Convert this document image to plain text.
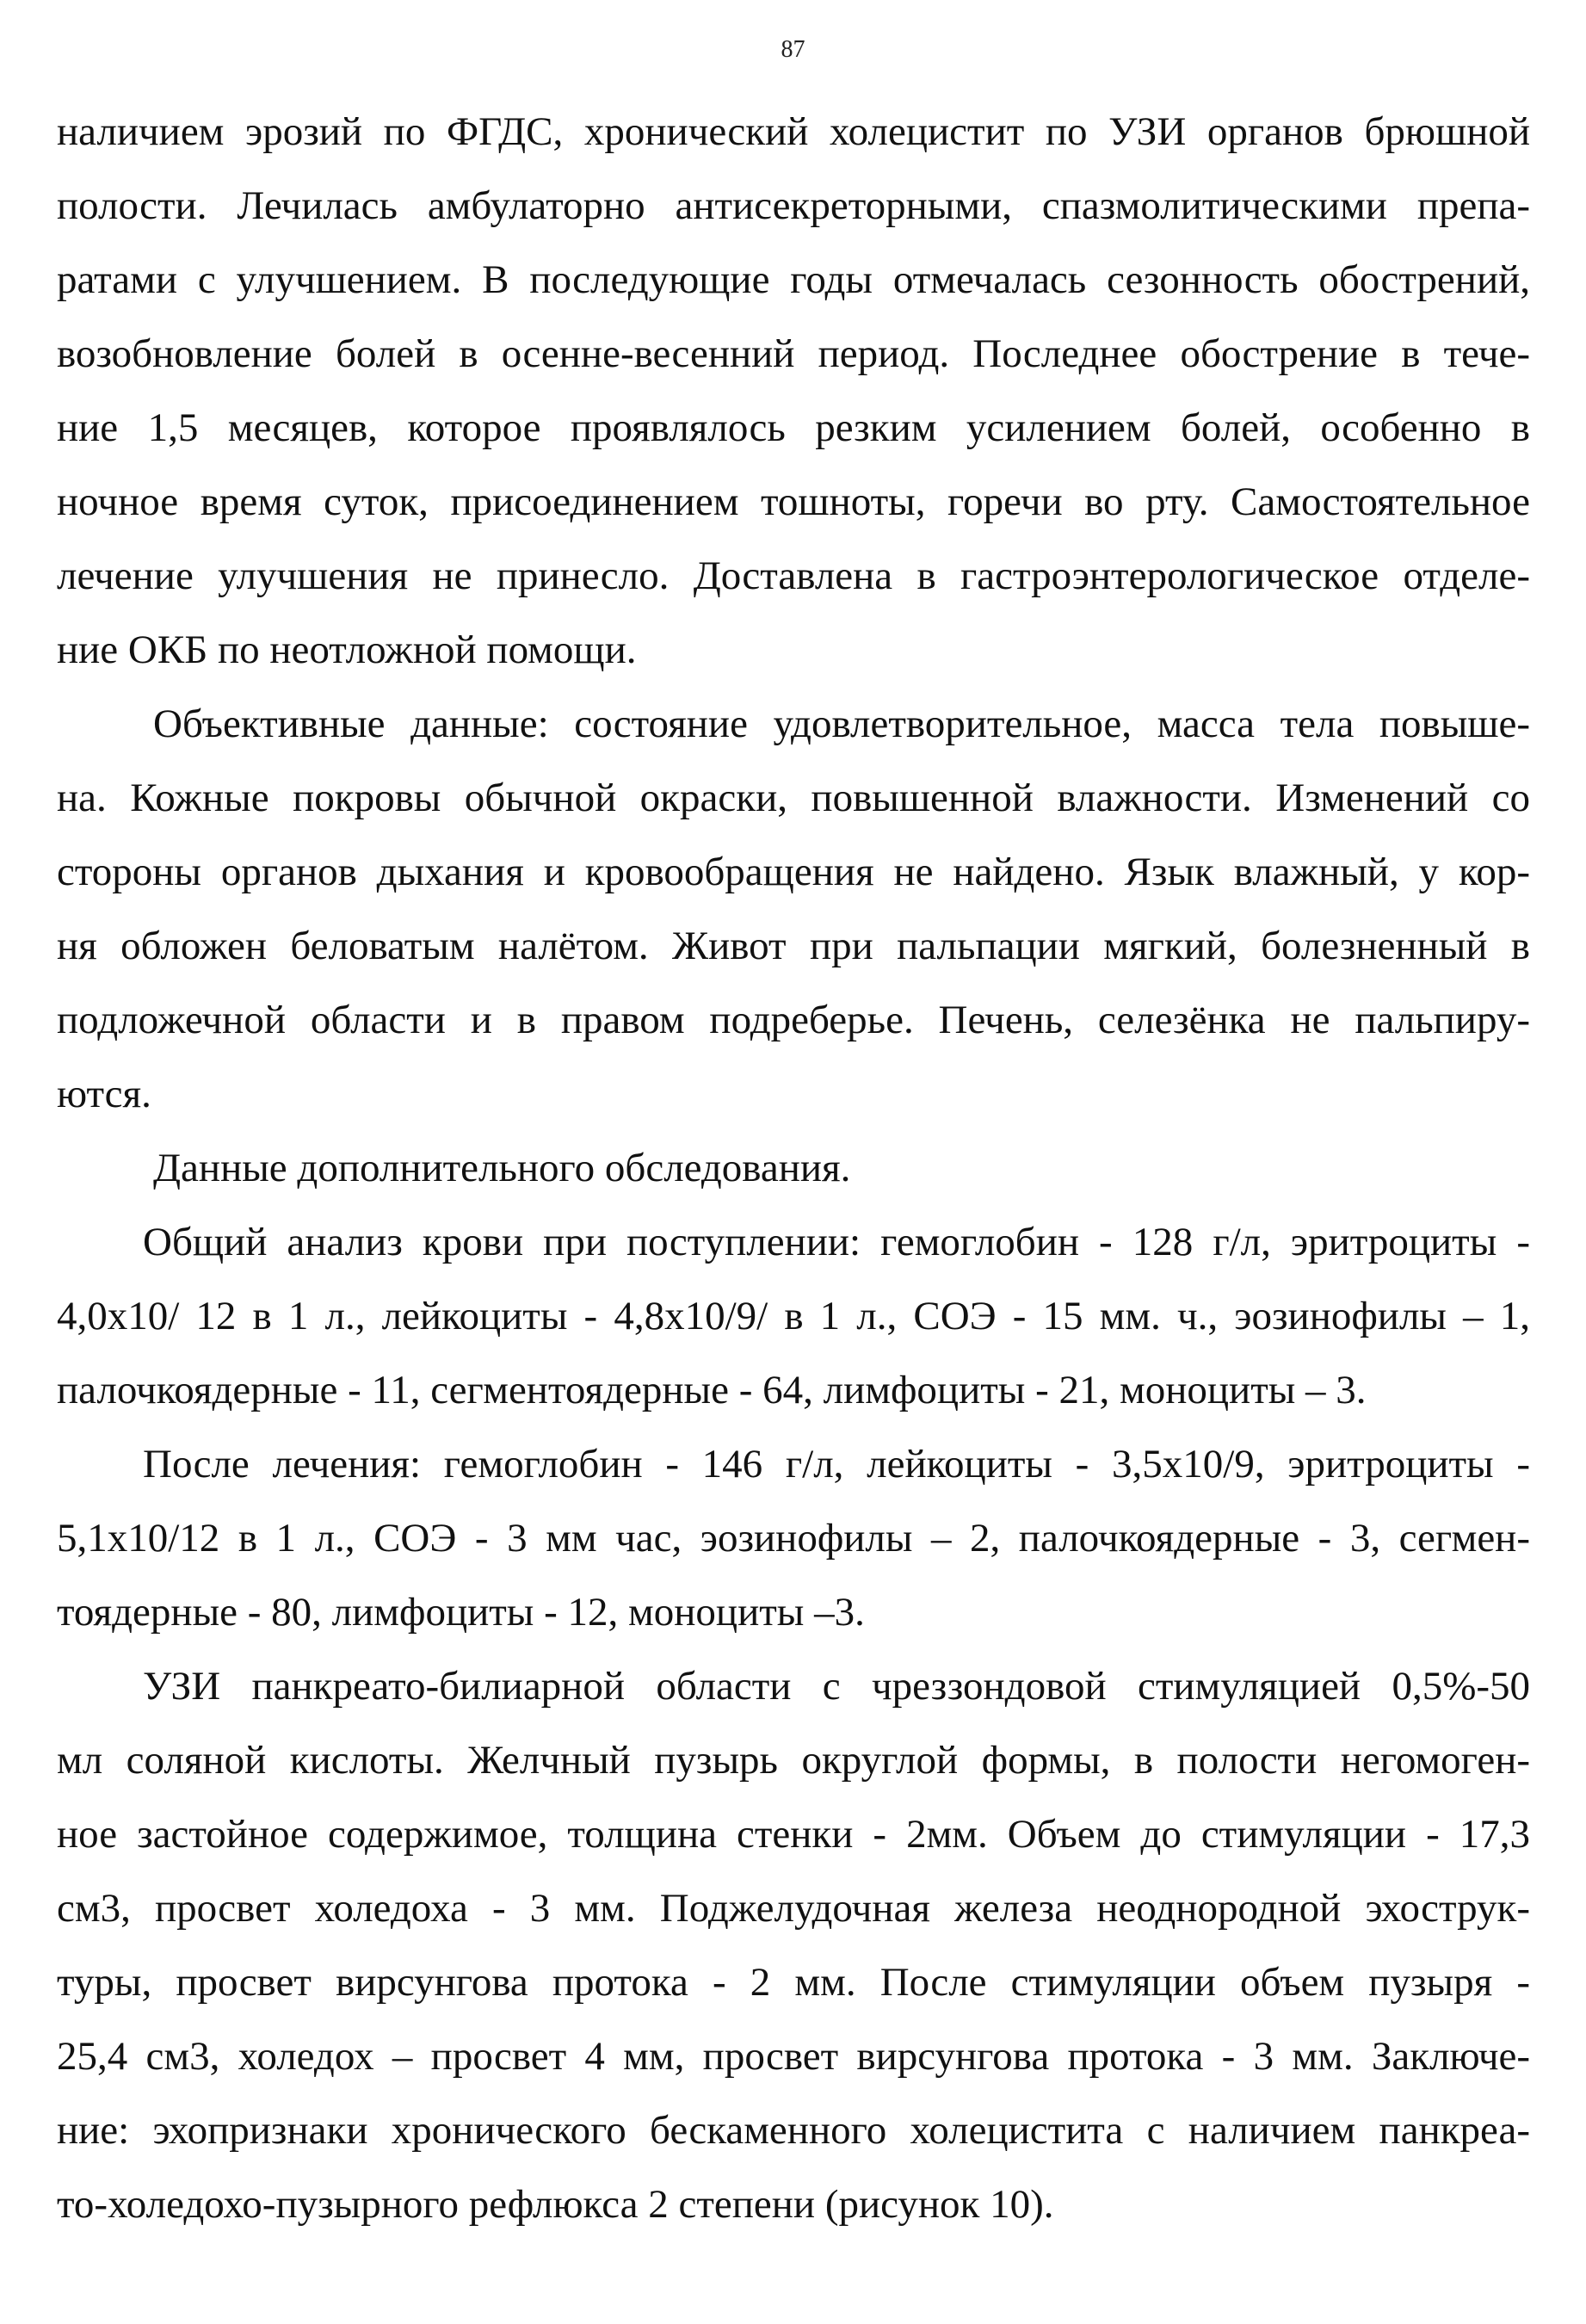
87
наличием эрозий по ФГДС, хронический холецистит по УЗИ органов брюшной
полости. Лечилась амбулаторно антисекреторными, спазмолитическими препа-
ратами с улучшением. В последующие годы отмечалась сезонность обострений,
возобновление болей в осенне-весенний период. Последнее обострение в тече-
ние 1,5 месяцев, которое проявлялось резким усилением болей, особенно в
ночное время суток, присоединением тошноты, горечи во рту. Самостоятельное
лечение улучшения не принесло. Доставлена в гастроэнтерологическое отделе-
ние ОКБ по неотложной помощи.
Объективные данные: состояние удовлетворительное, масса тела повыше-
на. Кожные покровы обычной окраски, повышенной влажности. Изменений со
стороны органов дыхания и кровообращения не найдено. Язык влажный, у кор-
ня обложен беловатым налётом. Живот при пальпации мягкий, болезненный в
подложечной области и в правом подреберье. Печень, селезёнка не пальпиру-
ются.
Данные дополнительного обследования.
Общий анализ крови при поступлении: гемоглобин - 128 г/л, эритроциты -
4,0x10/ 12 в 1 л., лейкоциты - 4,8x10/9/ в 1 л., СОЭ - 15 мм. ч., эозинофилы – 1,
палочкоядерные - 11, сегментоядерные - 64, лимфоциты - 21, моноциты – 3.
После лечения: гемоглобин - 146 г/л, лейкоциты - 3,5x10/9, эритроциты -
5,1x10/12 в 1 л., СОЭ - 3 мм час, эозинофилы – 2, палочкоядерные - 3, сегмен-
тоядерные - 80, лимфоциты - 12, моноциты –3.
УЗИ панкреато-билиарной области с чреззондовой стимуляцией 0,5%-50
мл соляной кислоты. Желчный пузырь округлой формы, в полости негомоген-
ное застойное содержимое, толщина стенки - 2мм. Объем до стимуляции - 17,3
см3, просвет холедоха - 3 мм. Поджелудочная железа неоднородной эхострук-
туры, просвет вирсунгова протока - 2 мм. После стимуляции объем пузыря -
25,4 см3, холедох – просвет 4 мм, просвет вирсунгова протока - 3 мм. Заключе-
ние: эхопризнаки хронического бескаменного холецистита с наличием панкреа-
то-холедохо-пузырного рефлюкса 2 степени (рисунок 10).
